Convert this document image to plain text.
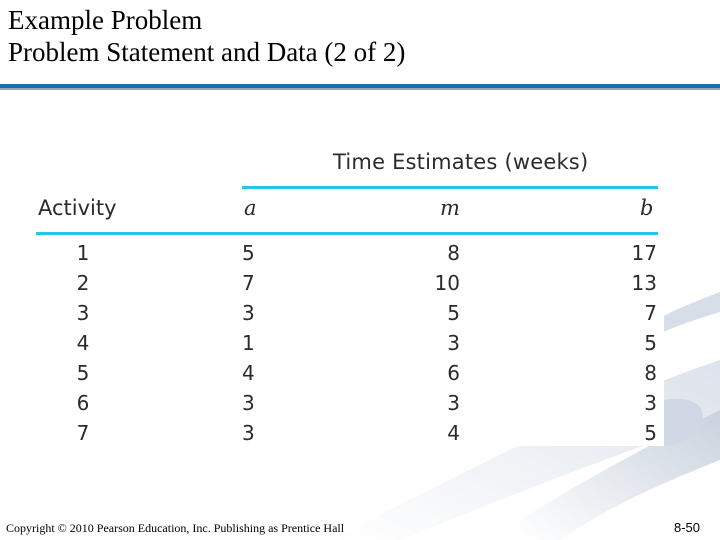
Example Problem
Problem Statement and Data (2 of 2)
Time Estimates (weeks)
Activity	a	m	b
1	5	8	17
2	7	10	13
3	3	5	7
4	1	3	5
5	4	6	8
6	3	3	3
7	3	4	5
Copyright © 2010 Pearson Education, Inc. Publishing as Prentice Hall	8-50
